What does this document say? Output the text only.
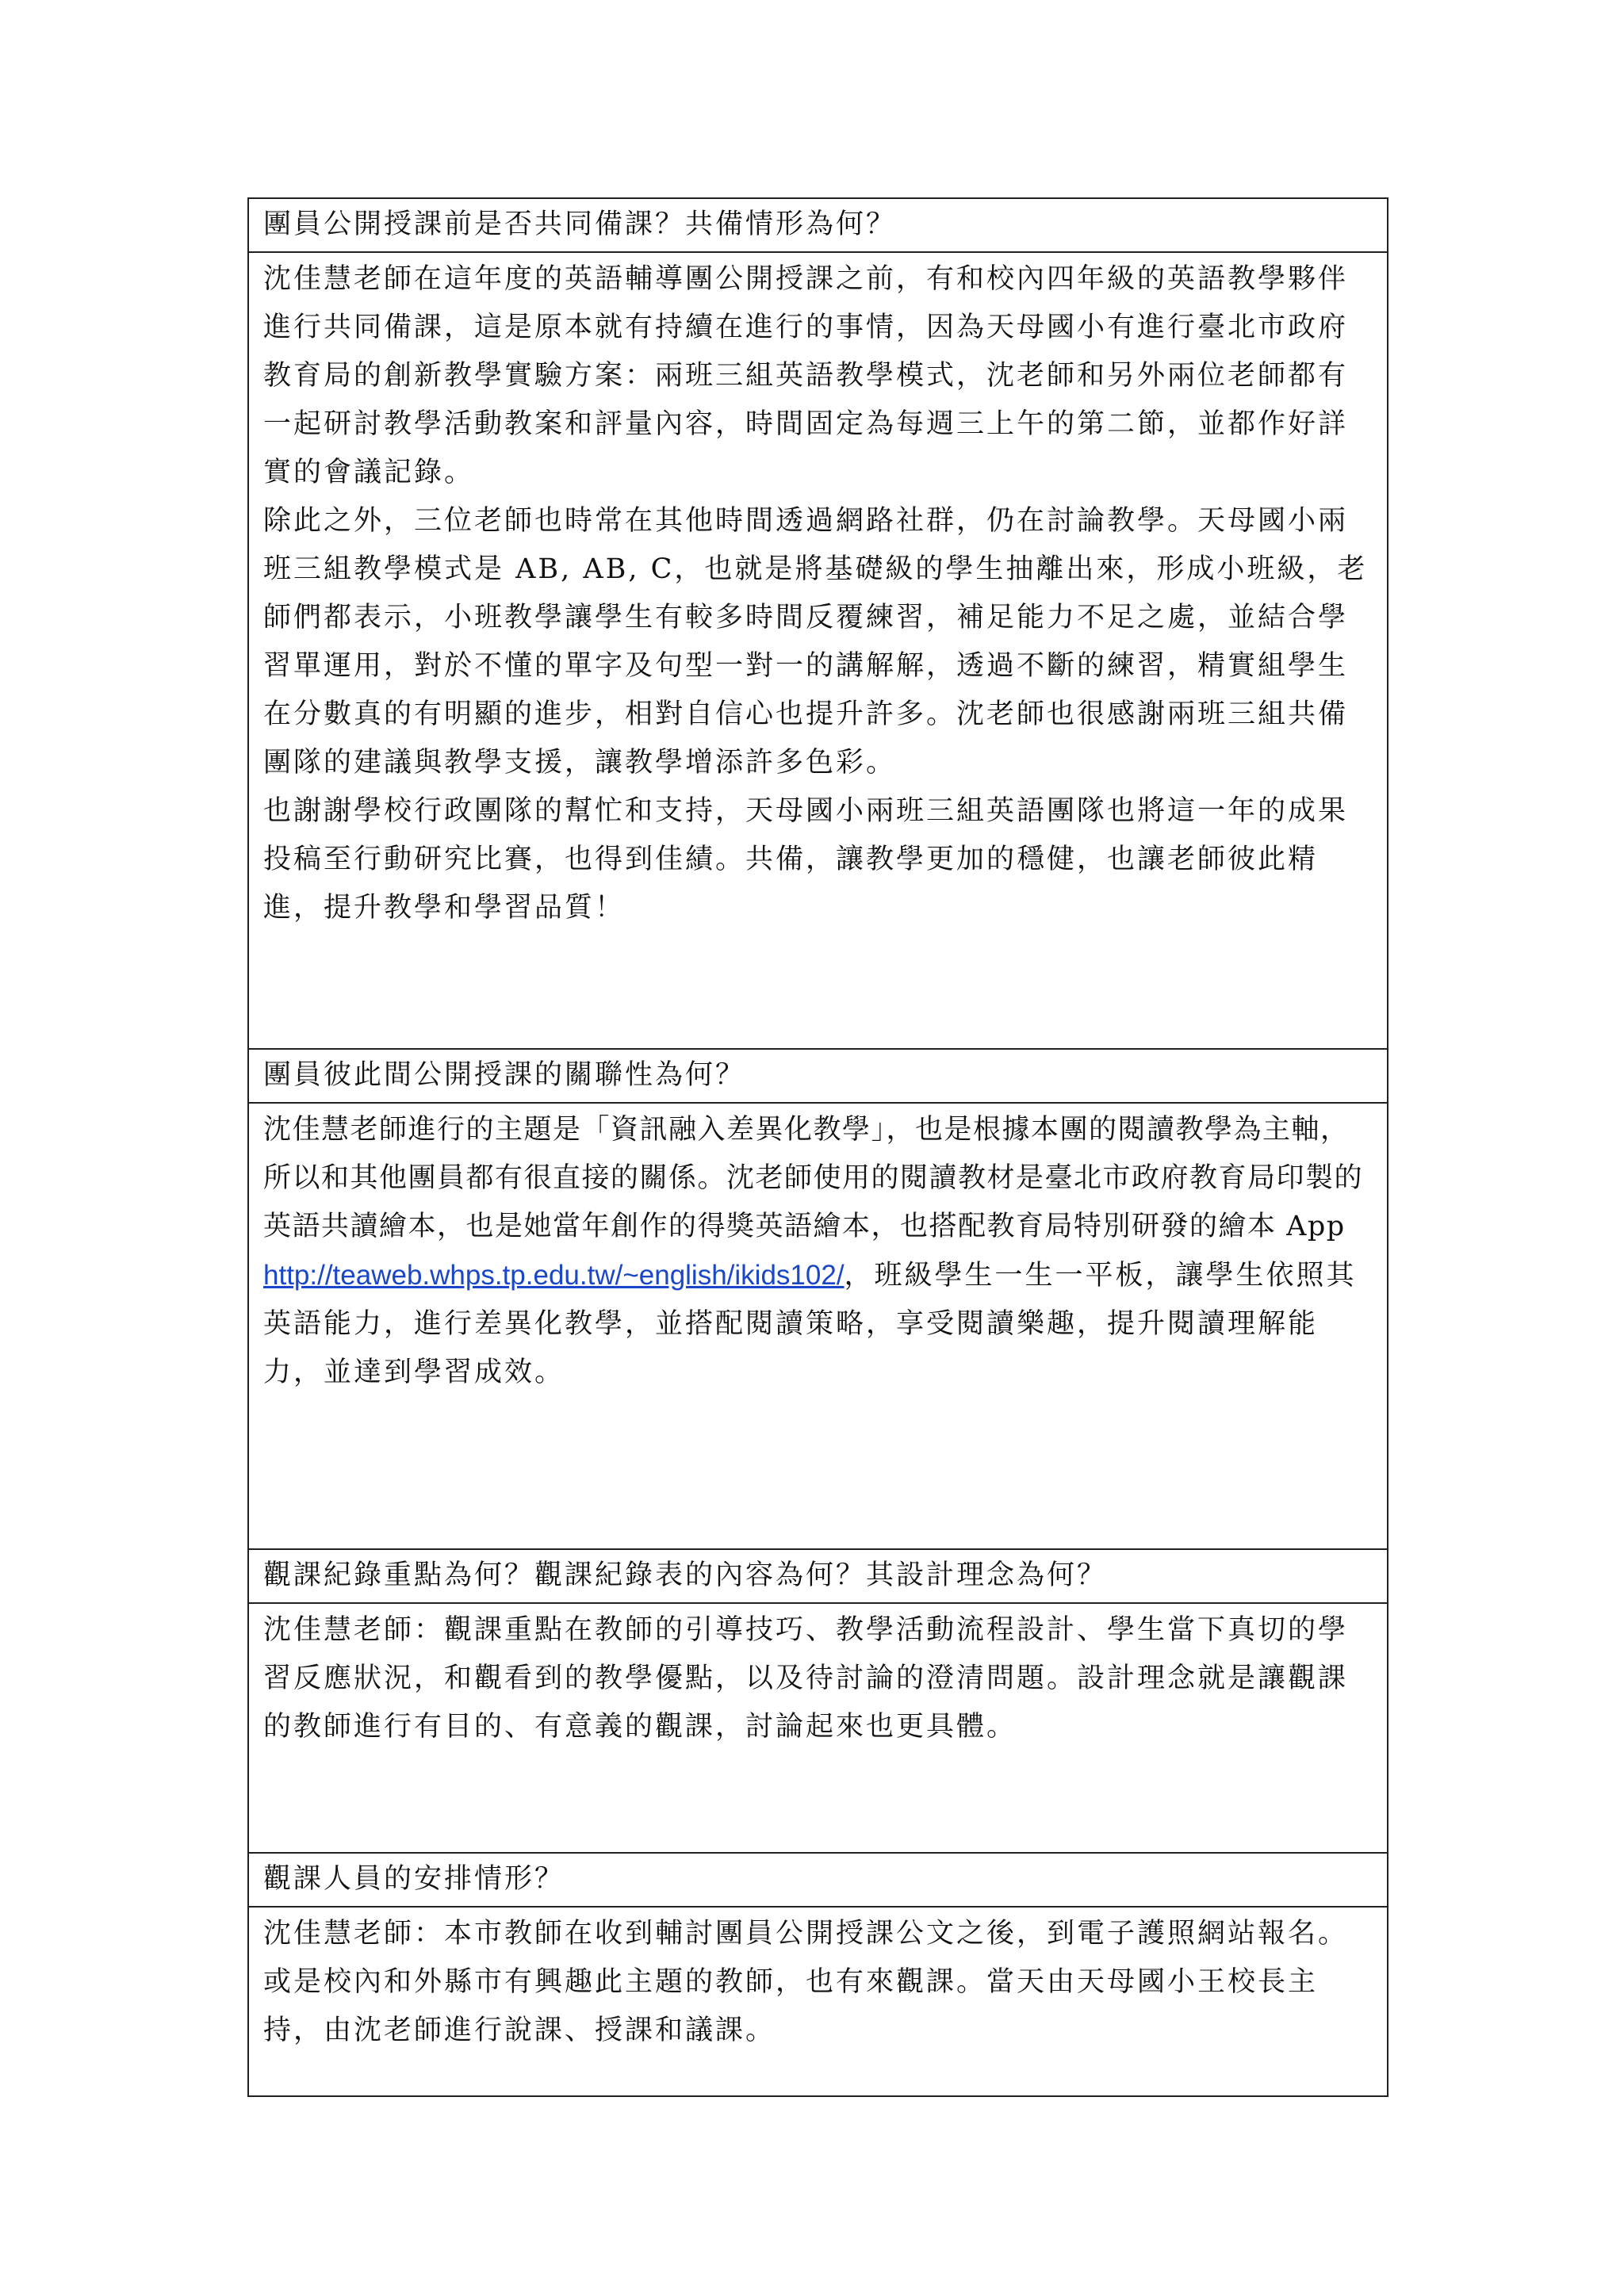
團員公開授課前是否共同備課？共備情形為何？

沈佳慧老師在這年度的英語輔導團公開授課之前，有和校內四年級的英語教學夥伴進行共同備課，這是原本就有持續在進行的事情，因為天母國小有進行臺北市政府教育局的創新教學實驗方案：兩班三組英語教學模式，沈老師和另外兩位老師都有一起研討教學活動教案和評量內容，時間固定為每週三上午的第二節，並都作好詳實的會議記錄。

除此之外，三位老師也時常在其他時間透過網路社群，仍在討論教學。天母國小兩班三組教學模式是 AB, AB, C，也就是將基礎級的學生抽離出來，形成小班級，老師們都表示，小班教學讓學生有較多時間反覆練習，補足能力不足之處，並結合學習單運用，對於不懂的單字及句型一對一的講解解，透過不斷的練習，精實組學生在分數真的有明顯的進步，相對自信心也提升許多。沈老師也很感謝兩班三組共備團隊的建議與教學支援，讓教學增添許多色彩。

也謝謝學校行政團隊的幫忙和支持，天母國小兩班三組英語團隊也將這一年的成果投稿至行動研究比賽，也得到佳績。共備，讓教學更加的穩健，也讓老師彼此精進，提升教學和學習品質！

團員彼此間公開授課的關聯性為何？

沈佳慧老師進行的主題是「資訊融入差異化教學」，也是根據本團的閱讀教學為主軸，所以和其他團員都有很直接的關係。沈老師使用的閱讀教材是臺北市政府教育局印製的英語共讀繪本，也是她當年創作的得獎英語繪本，也搭配教育局特別研發的繪本 App

http://teaweb.whps.tp.edu.tw/~english/ikids102/，班級學生一生一平板，讓學生依照其英語能力，進行差異化教學，並搭配閱讀策略，享受閱讀樂趣，提升閱讀理解能力，並達到學習成效。

觀課紀錄重點為何？觀課紀錄表的內容為何？其設計理念為何？

沈佳慧老師：觀課重點在教師的引導技巧、教學活動流程設計、學生當下真切的學習反應狀況，和觀看到的教學優點，以及待討論的澄清問題。設計理念就是讓觀課的教師進行有目的、有意義的觀課，討論起來也更具體。

觀課人員的安排情形？

沈佳慧老師：本市教師在收到輔討團員公開授課公文之後，到電子護照網站報名。或是校內和外縣市有興趣此主題的教師，也有來觀課。當天由天母國小王校長主持，由沈老師進行說課、授課和議課。
